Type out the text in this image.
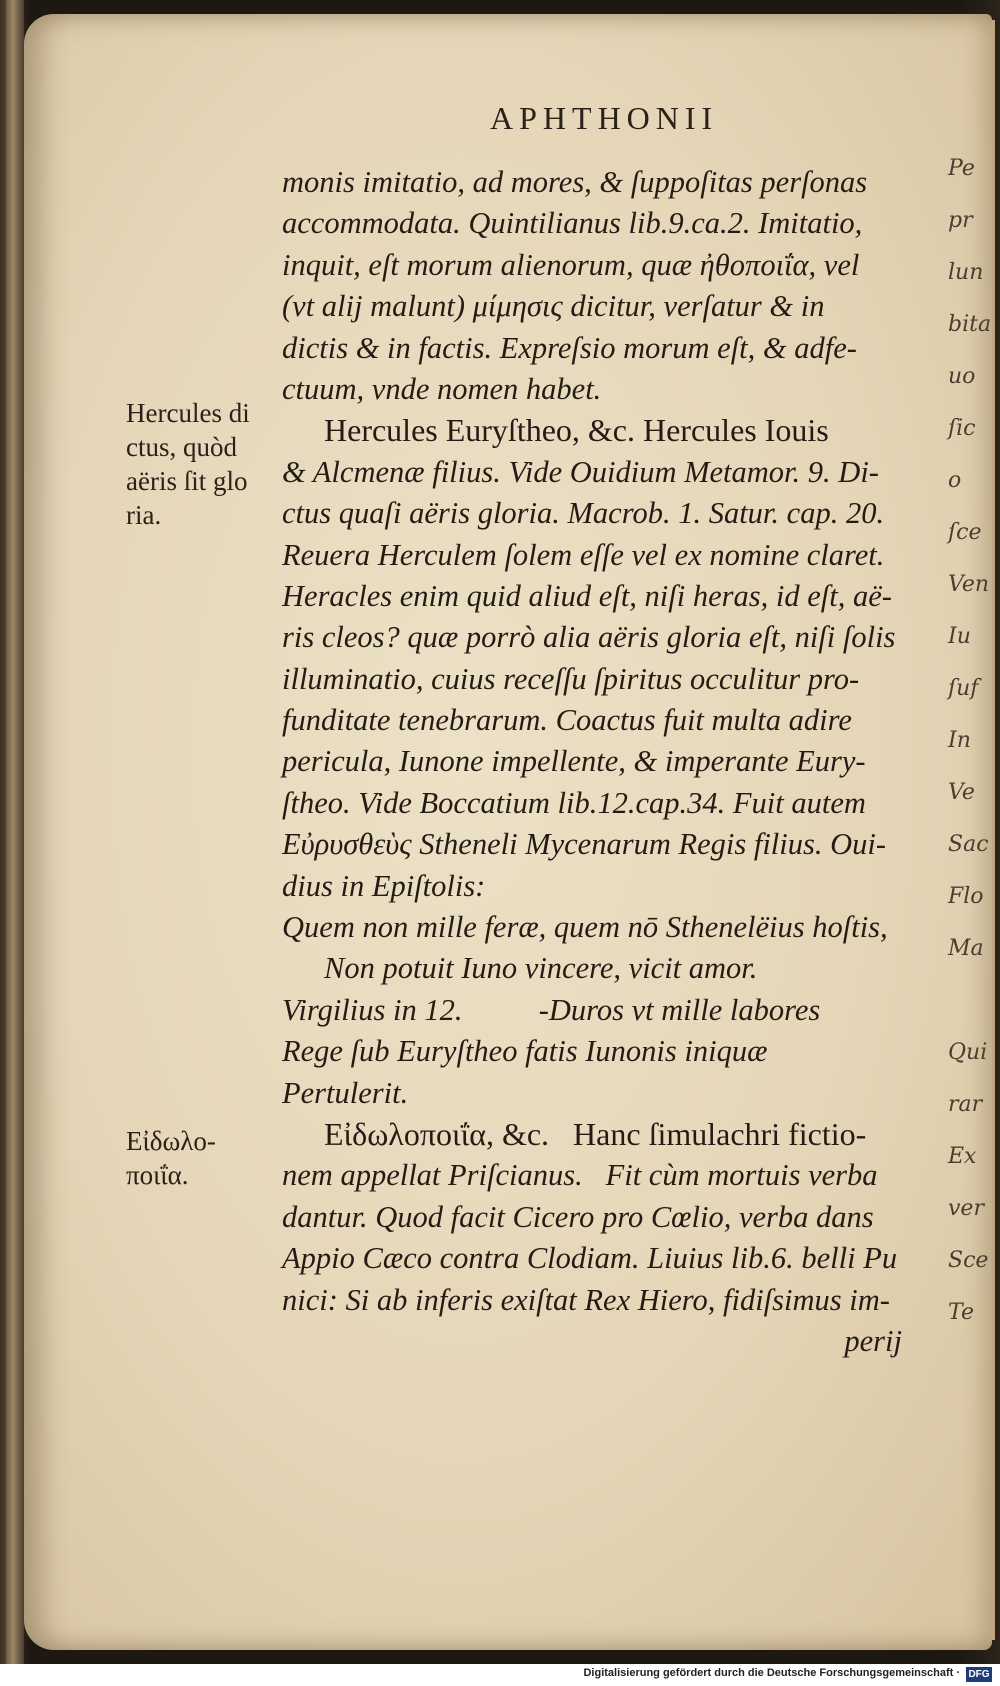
Pe
pr
lun
bita
uo
ſic
o
ſce
Ven
Iu
ſuf
In
Ve
Sac
Flo
Ma
Qui
rar
Ex
ver
Sce
Te
APHTHONII
Hercules di
ctus, quòd
aëris ſit glo
ria.
Εἰδωλο-
ποιΐα.
monis imitatio, ad mores, & ſuppoſitas perſonas
accommodata. Quintilianus lib.9.ca.2. Imitatio,
inquit, eſt morum alienorum, quæ ἠθοποιΐα, vel
(vt alij malunt) μίμησις dicitur, verſatur & in
dictis & in factis. Expreſsio morum eſt, & adfe-
ctuum, vnde nomen habet.
Hercules Euryſtheo, &c. Hercules Iouis
& Alcmenæ filius. Vide Ouidium Metamor. 9. Di-
ctus quaſi aëris gloria. Macrob. 1. Satur. cap. 20.
Reuera Herculem ſolem eſſe vel ex nomine claret.
Heracles enim quid aliud eſt, niſi heras, id eſt, aë-
ris cleos? quæ porrò alia aëris gloria eſt, niſi ſolis
illuminatio, cuius receſſu ſpiritus occulitur pro-
funditate tenebrarum. Coactus fuit multa adire
pericula, Iunone impellente, & imperante Eury-
ſtheo. Vide Boccatium lib.12.cap.34. Fuit autem
Εὐρυσθεὺς Stheneli Mycenarum Regis filius. Oui-
dius in Epiſtolis:
Quem non mille feræ, quem nō Sthenelëius hoſtis,
Non potuit Iuno vincere, vicit amor.
Virgilius in 12.          -Duros vt mille labores
Rege ſub Euryſtheo fatis Iunonis iniquæ
Pertulerit.
Εἰδωλοποιΐα, &c.   Hanc ſimulachri fictio-
nem appellat Priſcianus.   Fit cùm mortuis verba
dantur. Quod facit Cicero pro Cœlio, verba dans
Appio Cæco contra Clodiam. Liuius lib.6. belli Pu
nici: Si ab inferis exiſtat Rex Hiero, fidiſsimus im-
perij
Digitalisierung gefördert durch die Deutsche Forschungsgemeinschaft · DFG
